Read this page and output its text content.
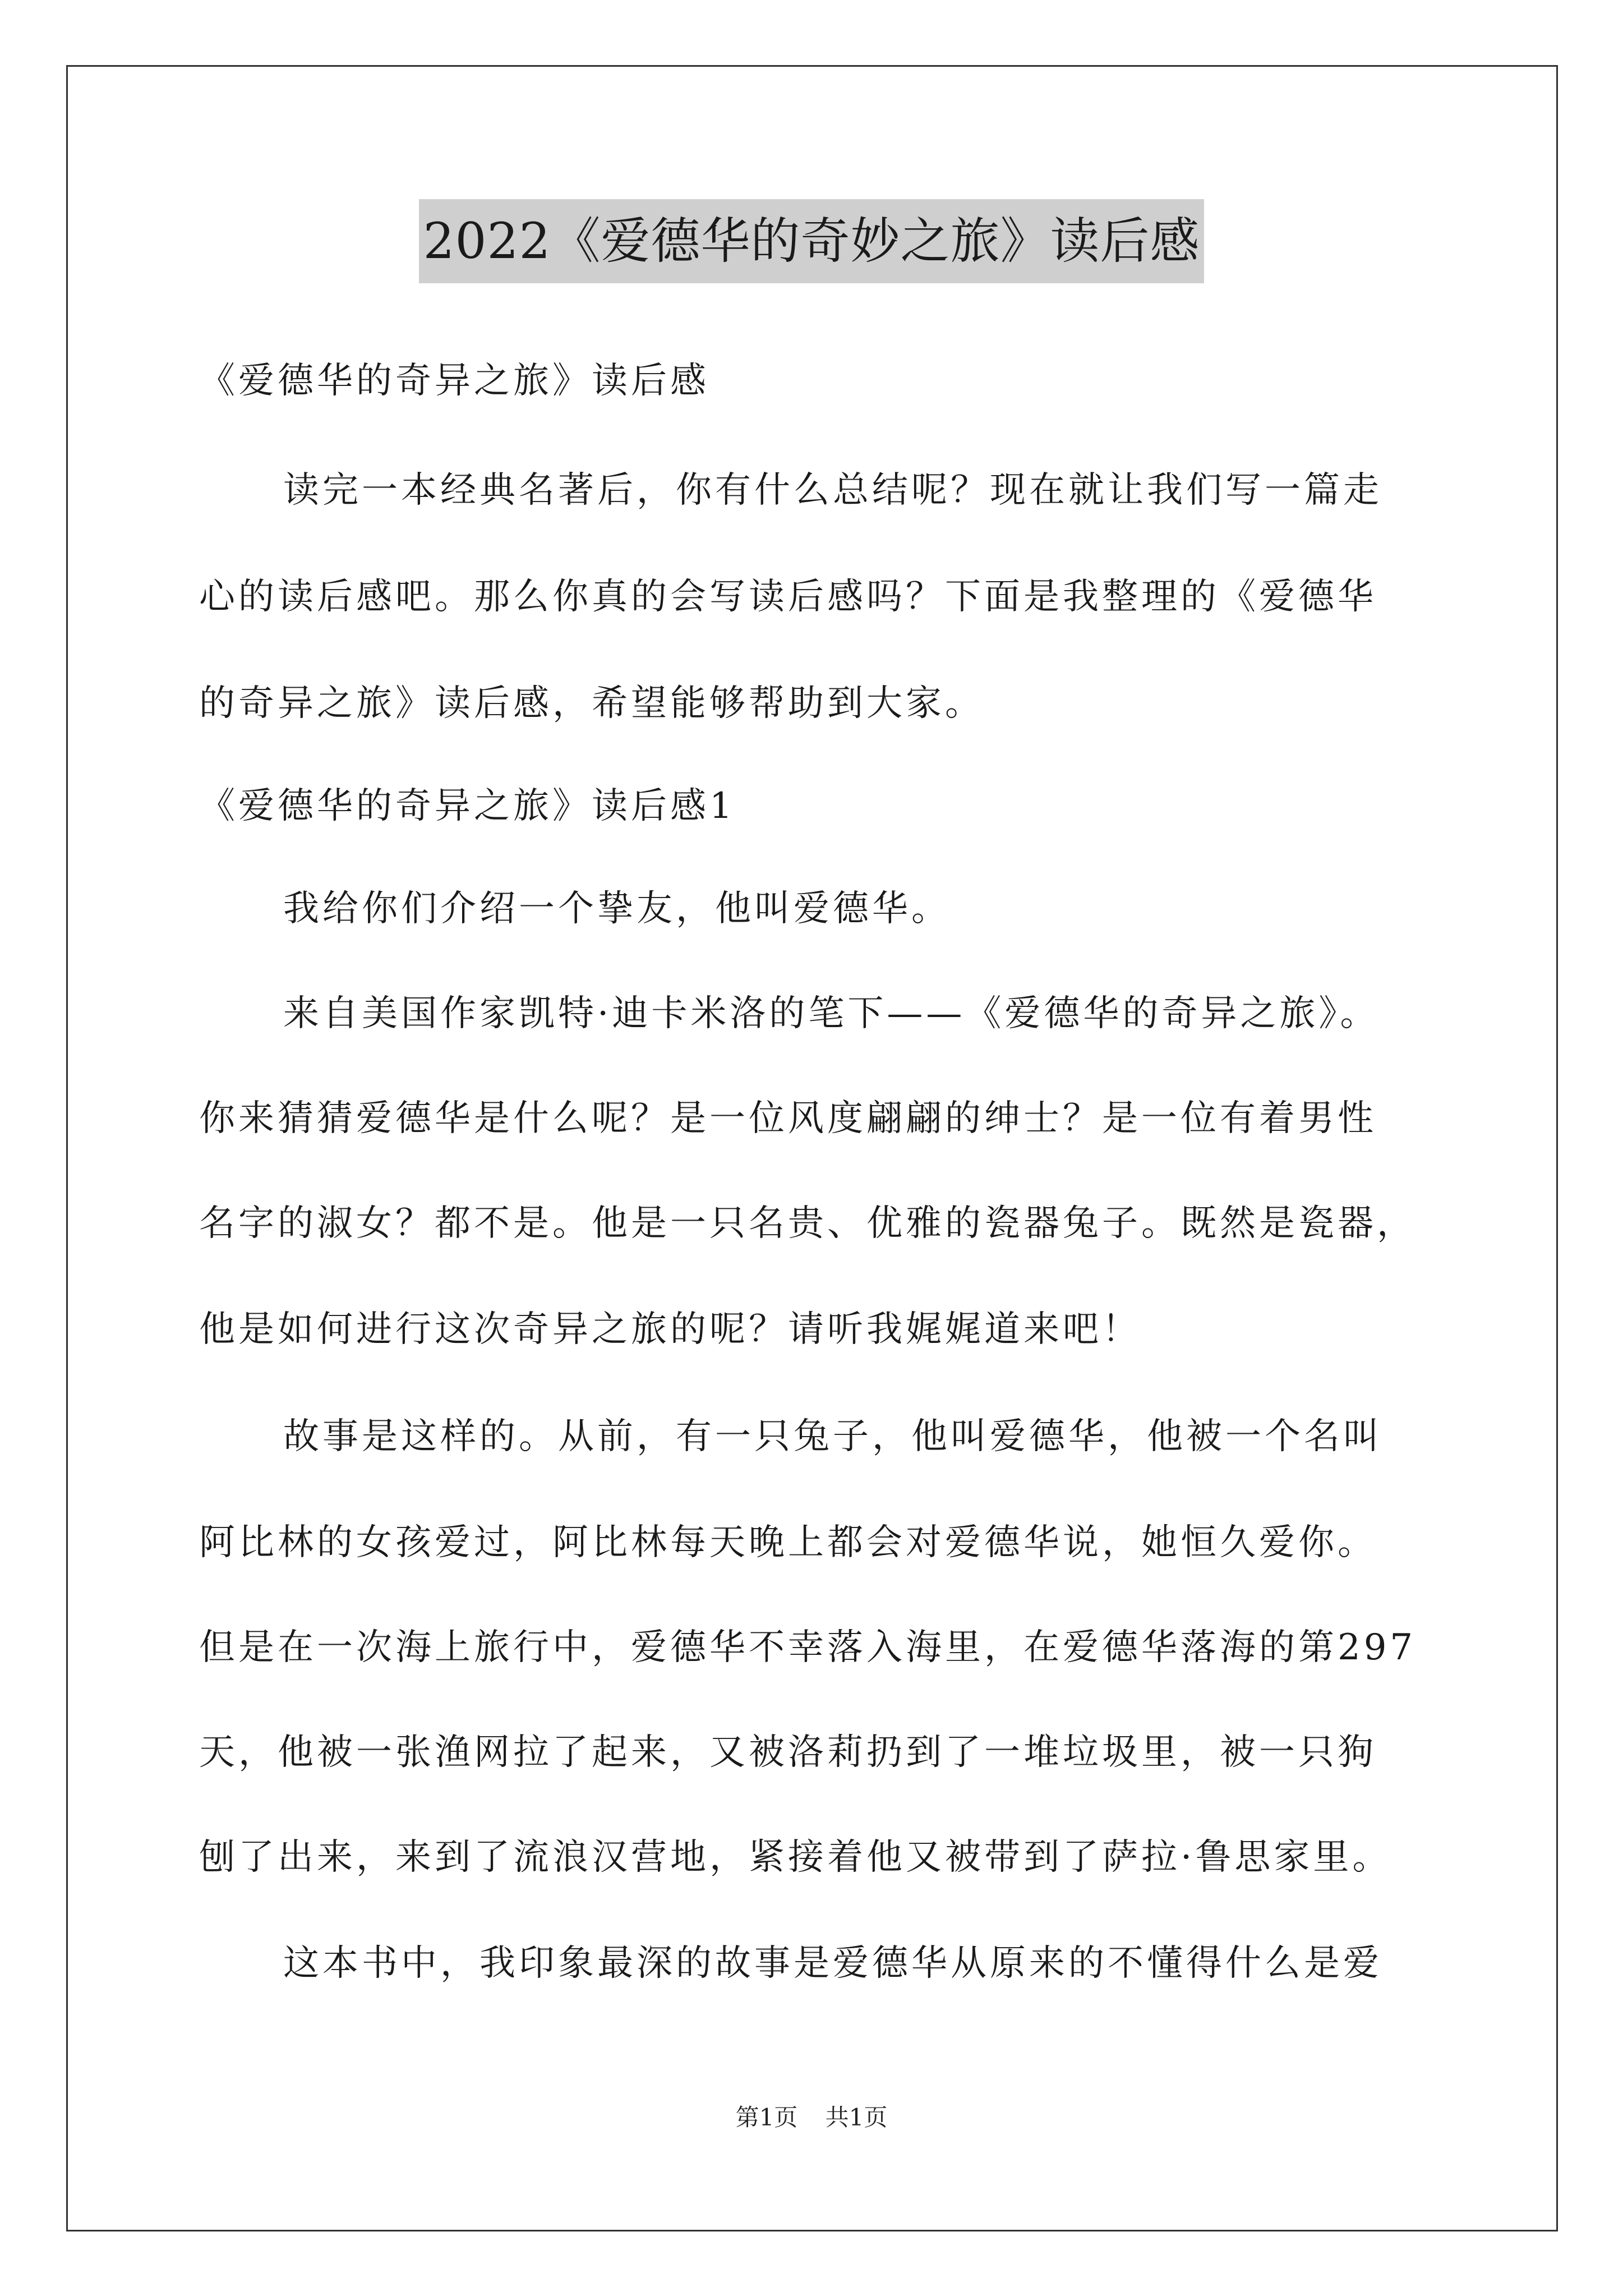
2022《爱德华的奇妙之旅》读后感

《爱德华的奇异之旅》读后感

读完一本经典名著后，你有什么总结呢？现在就让我们写一篇走

心的读后感吧。那么你真的会写读后感吗？下面是我整理的《爱德华

的奇异之旅》读后感，希望能够帮助到大家。

《爱德华的奇异之旅》读后感1

我给你们介绍一个挚友，他叫爱德华。

来自美国作家凯特·迪卡米洛的笔下——《爱德华的奇异之旅》。

你来猜猜爱德华是什么呢？是一位风度翩翩的绅士？是一位有着男性

名字的淑女？都不是。他是一只名贵、优雅的瓷器兔子。既然是瓷器，

他是如何进行这次奇异之旅的呢？请听我娓娓道来吧！

故事是这样的。从前，有一只兔子，他叫爱德华，他被一个名叫

阿比林的女孩爱过，阿比林每天晚上都会对爱德华说，她恒久爱你。

但是在一次海上旅行中，爱德华不幸落入海里，在爱德华落海的第297

天，他被一张渔网拉了起来，又被洛莉扔到了一堆垃圾里，被一只狗

刨了出来，来到了流浪汉营地，紧接着他又被带到了萨拉·鲁思家里。

这本书中，我印象最深的故事是爱德华从原来的不懂得什么是爱

第1页 共1页
